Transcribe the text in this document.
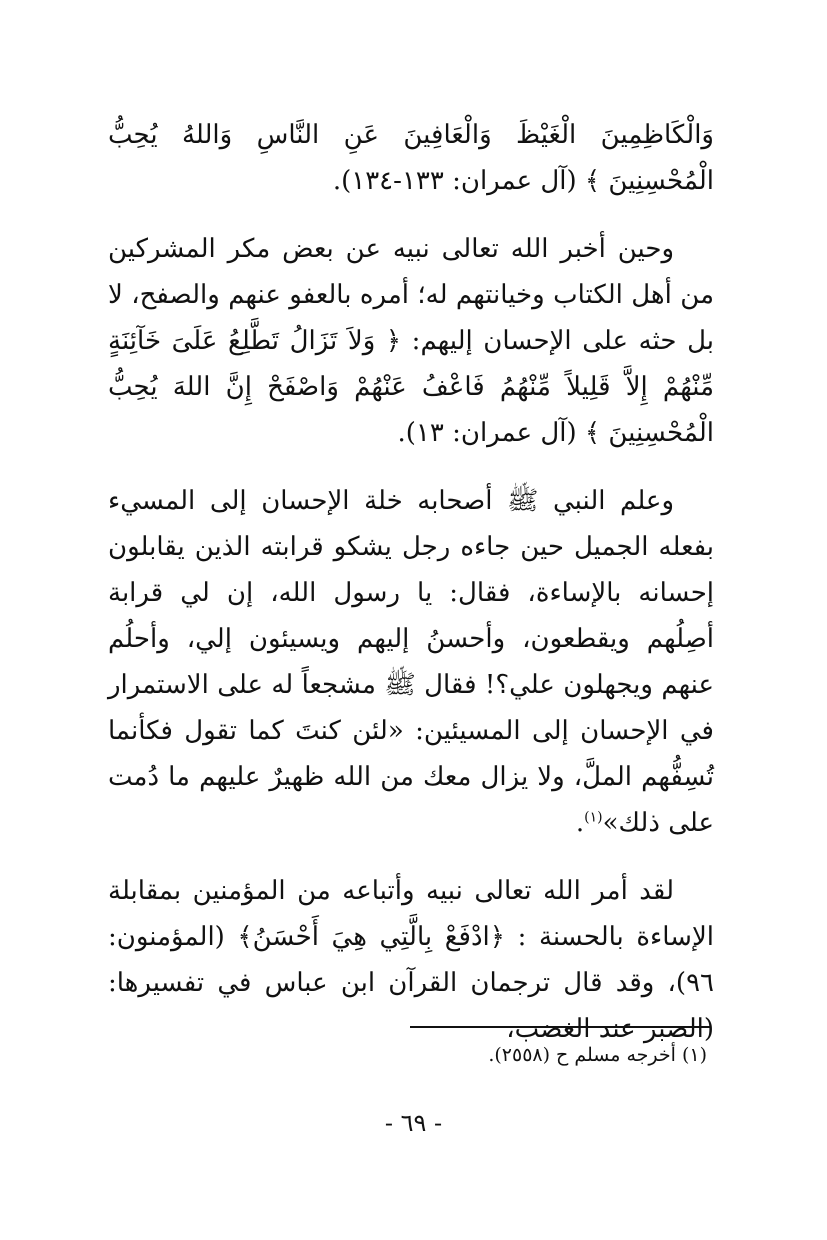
وَالْكَاظِمِينَ الْغَيْظَ وَالْعَافِينَ عَنِ النَّاسِ وَاللهُ يُحِبُّ الْمُحْسِنِينَ ﴾ (آل عمران: ١٣٣-١٣٤).

وحين أخبر الله تعالى نبيه عن بعض مكر المشركين من أهل الكتاب وخيانتهم له؛ أمره بالعفو عنهم والصفح، لا بل حثه على الإحسان إليهم: ﴿ وَلاَ تَزَالُ تَطَّلِعُ عَلَىَ خَآئِنَةٍ مِّنْهُمْ إِلاَّ قَلِيلاً مِّنْهُمُ فَاعْفُ عَنْهُمْ وَاصْفَحْ إِنَّ اللهَ يُحِبُّ الْمُحْسِنِينَ ﴾ (آل عمران: ١٣).

وعلم النبي ﷺ أصحابه خلة الإحسان إلى المسيء بفعله الجميل حين جاءه رجل يشكو قرابته الذين يقابلون إحسانه بالإساءة، فقال: يا رسول الله، إن لي قرابة أصِلُهم ويقطعون، وأحسنُ إليهم ويسيئون إلي، وأحلُم عنهم ويجهلون علي؟! فقال ﷺ مشجعاً له على الاستمرار في الإحسان إلى المسيئين: «لئن كنتَ كما تقول فكأنما تُسِفُّهم الملَّ، ولا يزال معك من الله ظهيرٌ عليهم ما دُمت على ذلك»$^{(١)}$.

لقد أمر الله تعالى نبيه وأتباعه من المؤمنين بمقابلة الإساءة بالحسنة : ﴿ادْفَعْ بِالَّتِي هِيَ أَحْسَنُ﴾ (المؤمنون: ٩٦)، وقد قال ترجمان القرآن ابن عباس في تفسيرها: (الصبر عند الغضب،

(١) أخرجه مسلم ح (٢٥٥٨).

- ٦٩ -
